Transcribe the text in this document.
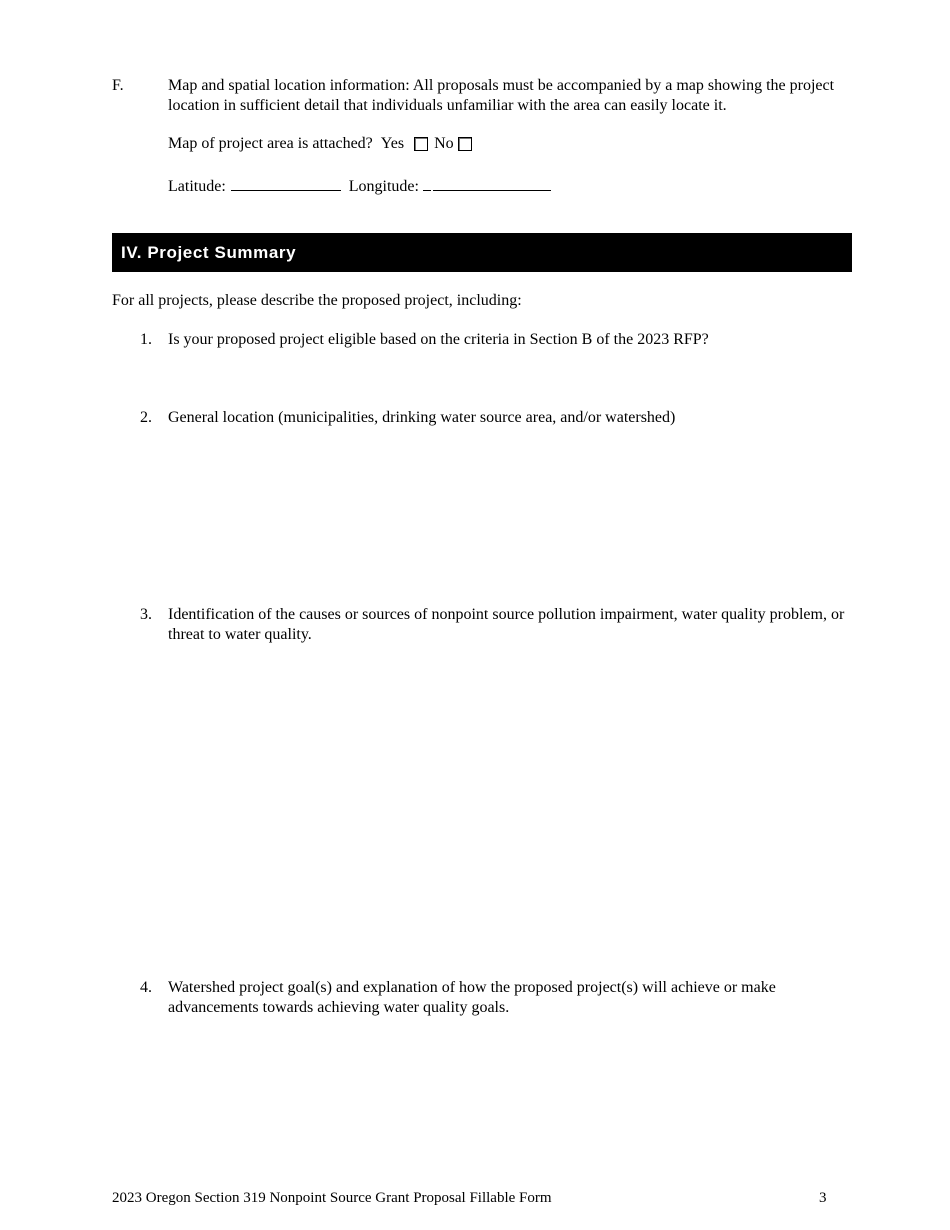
F.	Map and spatial location information: All proposals must be accompanied by a map showing the project location in sufficient detail that individuals unfamiliar with the area can easily locate it.
Map of project area is attached?
Yes No
Latitude:
	Longitude:

IV. Project Summary
For all projects, please describe the proposed project, including:
1. Is your proposed project eligible based on the criteria in Section B of the 2023 RFP?
2. General location (municipalities, drinking water source area, and/or watershed)
3. Identification of the causes or sources of nonpoint source pollution impairment, water quality problem, or threat to water quality.
4. Watershed project goal(s) and explanation of how the proposed project(s) will achieve or make advancements towards achieving water quality goals.
2023 Oregon Section 319 Nonpoint Source Grant Proposal Fillable Form	3
